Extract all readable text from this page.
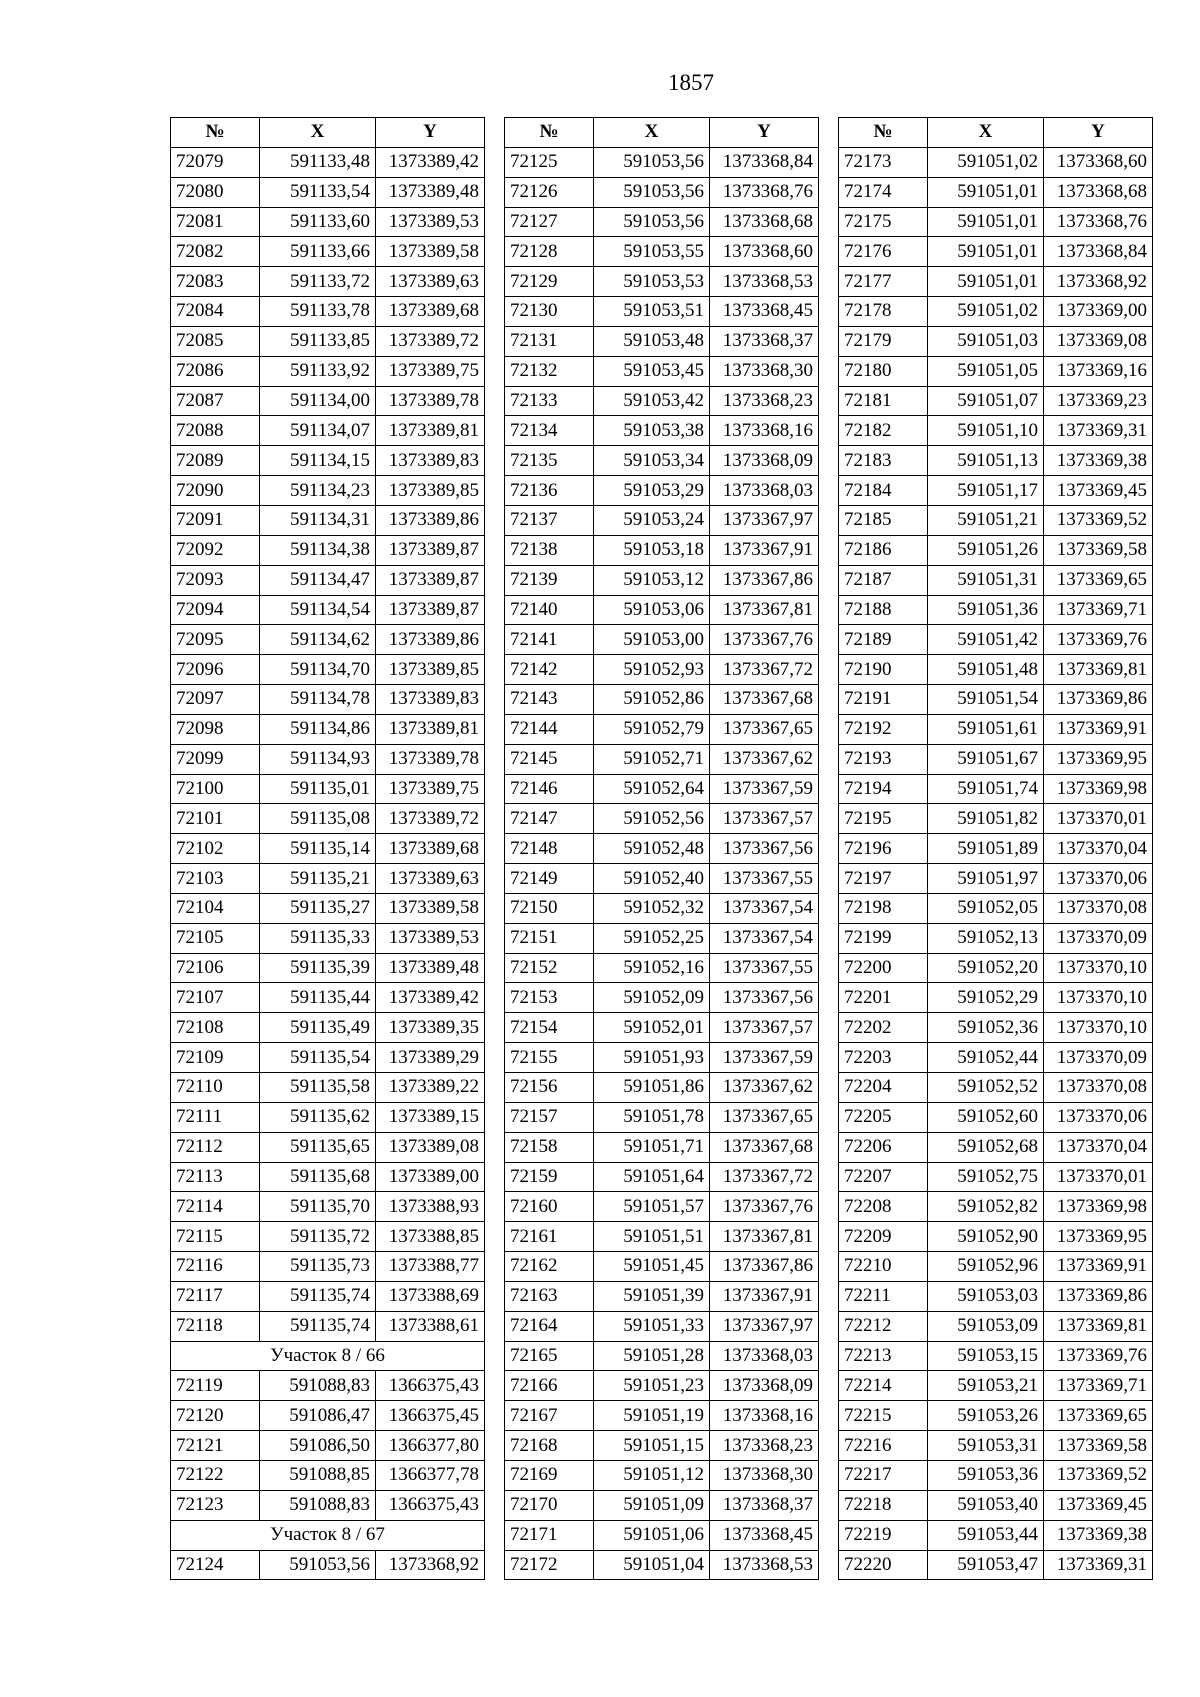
1857
№	X	Y
72079	591133,48	1373389,42
72080	591133,54	1373389,48
72081	591133,60	1373389,53
72082	591133,66	1373389,58
72083	591133,72	1373389,63
72084	591133,78	1373389,68
72085	591133,85	1373389,72
72086	591133,92	1373389,75
72087	591134,00	1373389,78
72088	591134,07	1373389,81
72089	591134,15	1373389,83
72090	591134,23	1373389,85
72091	591134,31	1373389,86
72092	591134,38	1373389,87
72093	591134,47	1373389,87
72094	591134,54	1373389,87
72095	591134,62	1373389,86
72096	591134,70	1373389,85
72097	591134,78	1373389,83
72098	591134,86	1373389,81
72099	591134,93	1373389,78
72100	591135,01	1373389,75
72101	591135,08	1373389,72
72102	591135,14	1373389,68
72103	591135,21	1373389,63
72104	591135,27	1373389,58
72105	591135,33	1373389,53
72106	591135,39	1373389,48
72107	591135,44	1373389,42
72108	591135,49	1373389,35
72109	591135,54	1373389,29
72110	591135,58	1373389,22
72111	591135,62	1373389,15
72112	591135,65	1373389,08
72113	591135,68	1373389,00
72114	591135,70	1373388,93
72115	591135,72	1373388,85
72116	591135,73	1373388,77
72117	591135,74	1373388,69
72118	591135,74	1373388,61
Участок 8 / 66		
72119	591088,83	1366375,43
72120	591086,47	1366375,45
72121	591086,50	1366377,80
72122	591088,85	1366377,78
72123	591088,83	1366375,43
Участок 8 / 67		
72124	591053,56	1373368,92
№	X	Y
72125	591053,56	1373368,84
72126	591053,56	1373368,76
72127	591053,56	1373368,68
72128	591053,55	1373368,60
72129	591053,53	1373368,53
72130	591053,51	1373368,45
72131	591053,48	1373368,37
72132	591053,45	1373368,30
72133	591053,42	1373368,23
72134	591053,38	1373368,16
72135	591053,34	1373368,09
72136	591053,29	1373368,03
72137	591053,24	1373367,97
72138	591053,18	1373367,91
72139	591053,12	1373367,86
72140	591053,06	1373367,81
72141	591053,00	1373367,76
72142	591052,93	1373367,72
72143	591052,86	1373367,68
72144	591052,79	1373367,65
72145	591052,71	1373367,62
72146	591052,64	1373367,59
72147	591052,56	1373367,57
72148	591052,48	1373367,56
72149	591052,40	1373367,55
72150	591052,32	1373367,54
72151	591052,25	1373367,54
72152	591052,16	1373367,55
72153	591052,09	1373367,56
72154	591052,01	1373367,57
72155	591051,93	1373367,59
72156	591051,86	1373367,62
72157	591051,78	1373367,65
72158	591051,71	1373367,68
72159	591051,64	1373367,72
72160	591051,57	1373367,76
72161	591051,51	1373367,81
72162	591051,45	1373367,86
72163	591051,39	1373367,91
72164	591051,33	1373367,97
72165	591051,28	1373368,03
72166	591051,23	1373368,09
72167	591051,19	1373368,16
72168	591051,15	1373368,23
72169	591051,12	1373368,30
72170	591051,09	1373368,37
72171	591051,06	1373368,45
72172	591051,04	1373368,53
№	X	Y
72173	591051,02	1373368,60
72174	591051,01	1373368,68
72175	591051,01	1373368,76
72176	591051,01	1373368,84
72177	591051,01	1373368,92
72178	591051,02	1373369,00
72179	591051,03	1373369,08
72180	591051,05	1373369,16
72181	591051,07	1373369,23
72182	591051,10	1373369,31
72183	591051,13	1373369,38
72184	591051,17	1373369,45
72185	591051,21	1373369,52
72186	591051,26	1373369,58
72187	591051,31	1373369,65
72188	591051,36	1373369,71
72189	591051,42	1373369,76
72190	591051,48	1373369,81
72191	591051,54	1373369,86
72192	591051,61	1373369,91
72193	591051,67	1373369,95
72194	591051,74	1373369,98
72195	591051,82	1373370,01
72196	591051,89	1373370,04
72197	591051,97	1373370,06
72198	591052,05	1373370,08
72199	591052,13	1373370,09
72200	591052,20	1373370,10
72201	591052,29	1373370,10
72202	591052,36	1373370,10
72203	591052,44	1373370,09
72204	591052,52	1373370,08
72205	591052,60	1373370,06
72206	591052,68	1373370,04
72207	591052,75	1373370,01
72208	591052,82	1373369,98
72209	591052,90	1373369,95
72210	591052,96	1373369,91
72211	591053,03	1373369,86
72212	591053,09	1373369,81
72213	591053,15	1373369,76
72214	591053,21	1373369,71
72215	591053,26	1373369,65
72216	591053,31	1373369,58
72217	591053,36	1373369,52
72218	591053,40	1373369,45
72219	591053,44	1373369,38
72220	591053,47	1373369,31
